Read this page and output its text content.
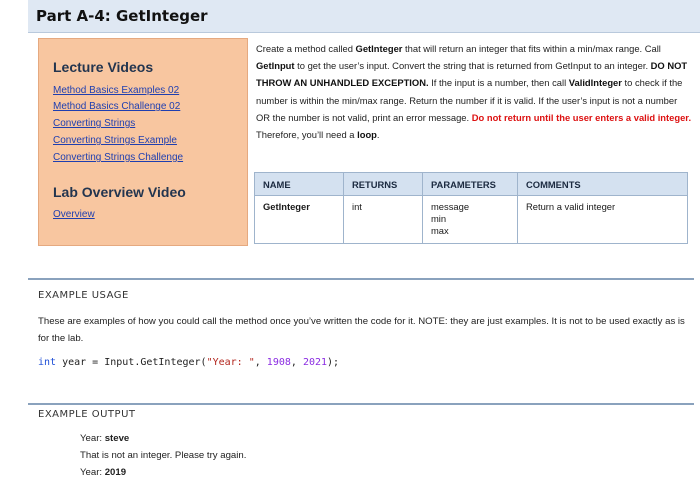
Part A-4: GetInteger
Lecture Videos
Method Basics Examples 02
Method Basics Challenge 02
Converting Strings
Converting Strings Example
Converting Strings Challenge
Lab Overview Video
Overview
Create a method called GetInteger that will return an integer that fits within a min/max range. Call GetInput to get the user’s input. Convert the string that is returned from GetInput to an integer. DO NOT THROW AN UNHANDLED EXCEPTION. If the input is a number, then call ValidInteger to check if the number is within the min/max range. Return the number if it is valid. If the user’s input is not a number OR the number is not valid, print an error message. Do not return until the user enters a valid integer. Therefore, you’ll need a loop.
NAME	RETURNS	PARAMETERS	COMMENTS
GetInteger	int	message
min
max	Return a valid integer
EXAMPLE USAGE
These are examples of how you could call the method once you’ve written the code for it. NOTE: they are just examples. It is not to be used exactly as is for the lab.
int year = Input.GetInteger("Year: ", 1908, 2021);
EXAMPLE OUTPUT
Year: steve
That is not an integer. Please try again.
Year: 2019
